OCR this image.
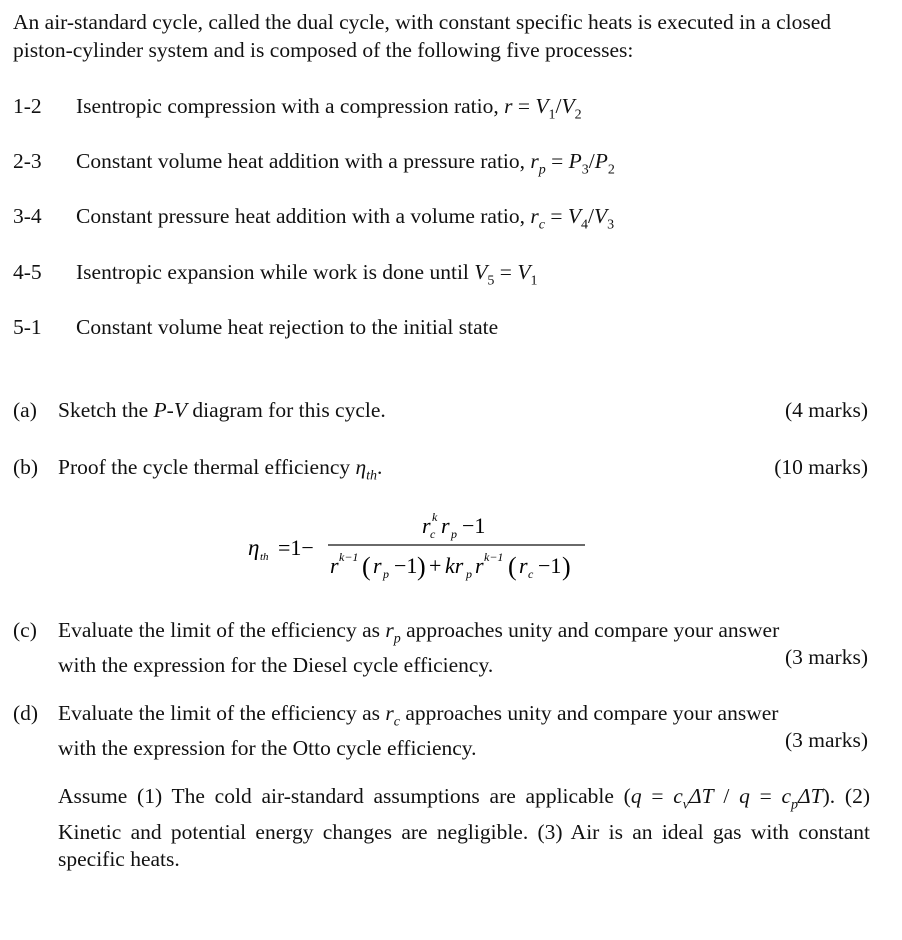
An air-standard cycle, called the dual cycle, with constant specific heats is executed in a closed piston-cylinder system and is composed of the following five processes:
1-2	Isentropic compression with a compression ratio, $r = V_1/V_2$
2-3	Constant volume heat addition with a pressure ratio, $r_p = P_3/P_2$
3-4	Constant pressure heat addition with a volume ratio, $r_c = V_4/V_3$
4-5	Isentropic expansion while work is done until $V_5 = V_1$
5-1	Constant volume heat rejection to the initial state
(a) Sketch the P-V diagram for this cycle.	(4 marks)
(b) Proof the cycle thermal efficiency $\eta_{th}$.	(10 marks)
η th =1−
r k
c r p −1
r k−1 ( r p −1 ) + kr p r k−1 ( r c −1 )
(c) Evaluate the limit of the efficiency as $r_p$ approaches unity and compare your answer
with the expression for the Diesel cycle efficiency.	(3 marks)
(d) Evaluate the limit of the efficiency as $r_c$ approaches unity and compare your answer
with the expression for the Otto cycle efficiency.	(3 marks)
Assume (1) The cold air-standard assumptions are applicable $(q = c_v\Delta T / q = c_p\Delta T)$. (2) Kinetic and potential energy changes are negligible. (3) Air is an ideal gas with constant specific heats.
